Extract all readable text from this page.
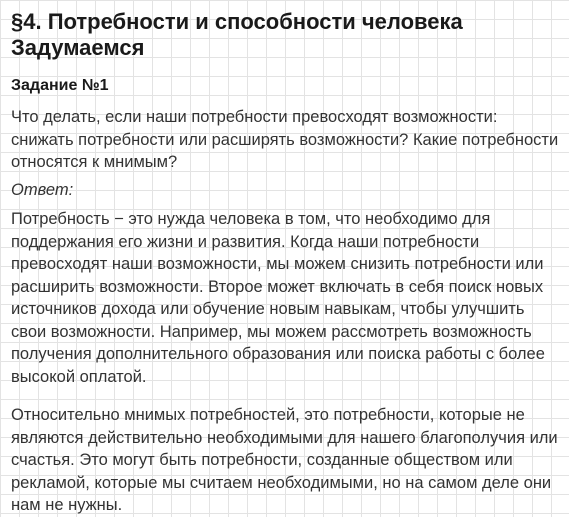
§4. Потребности и способности человека
Задумаемся
Задание №1

Что делать, если наши потребности превосходят возможности: снижать потребности или расширять возможности? Какие потребности относятся к мнимым?

Ответ:

Потребность − это нужда человека в том, что необходимо для поддержания его жизни и развития. Когда наши потребности превосходят наши возможности, мы можем снизить потребности или расширить возможности. Второе может включать в себя поиск новых источников дохода или обучение новым навыкам, чтобы улучшить свои возможности. Например, мы можем рассмотреть возможность получения дополнительного образования или поиска работы с более высокой оплатой.

Относительно мнимых потребностей, это потребности, которые не являются действительно необходимыми для нашего благополучия или счастья. Это могут быть потребности, созданные обществом или рекламой, которые мы считаем необходимыми, но на самом деле они нам не нужны.
